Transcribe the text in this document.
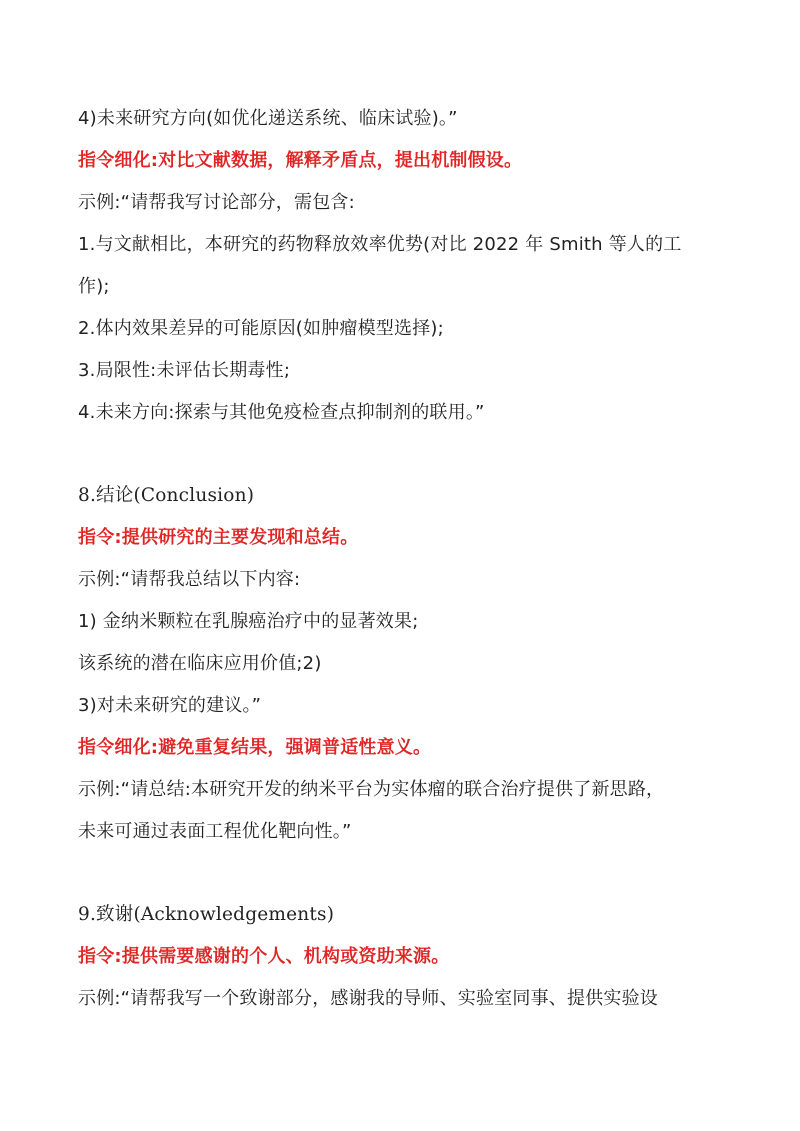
4)未来研究方向(如优化递送系统、临床试验)。”
指令细化:对比文献数据，解释矛盾点，提出机制假设。
示例:“请帮我写讨论部分，需包含:
1.与文献相比，本研究的药物释放效率优势(对比 2022 年 Smith 等人的工
作);
2.体内效果差异的可能原因(如肿瘤模型选择);
3.局限性:未评估长期毒性;
4.未来方向:探索与其他免疫检查点抑制剂的联用。”
8.结论(Conclusion)
指令:提供研究的主要发现和总结。
示例:“请帮我总结以下内容:
1) 金纳米颗粒在乳腺癌治疗中的显著效果;
该系统的潜在临床应用价值;2)
3)对未来研究的建议。”
指令细化:避免重复结果，强调普适性意义。
示例:“请总结:本研究开发的纳米平台为实体瘤的联合治疗提供了新思路，
未来可通过表面工程优化靶向性。”
9.致谢(Acknowledgements)
指令:提供需要感谢的个人、机构或资助来源。
示例:“请帮我写一个致谢部分，感谢我的导师、实验室同事、提供实验设
